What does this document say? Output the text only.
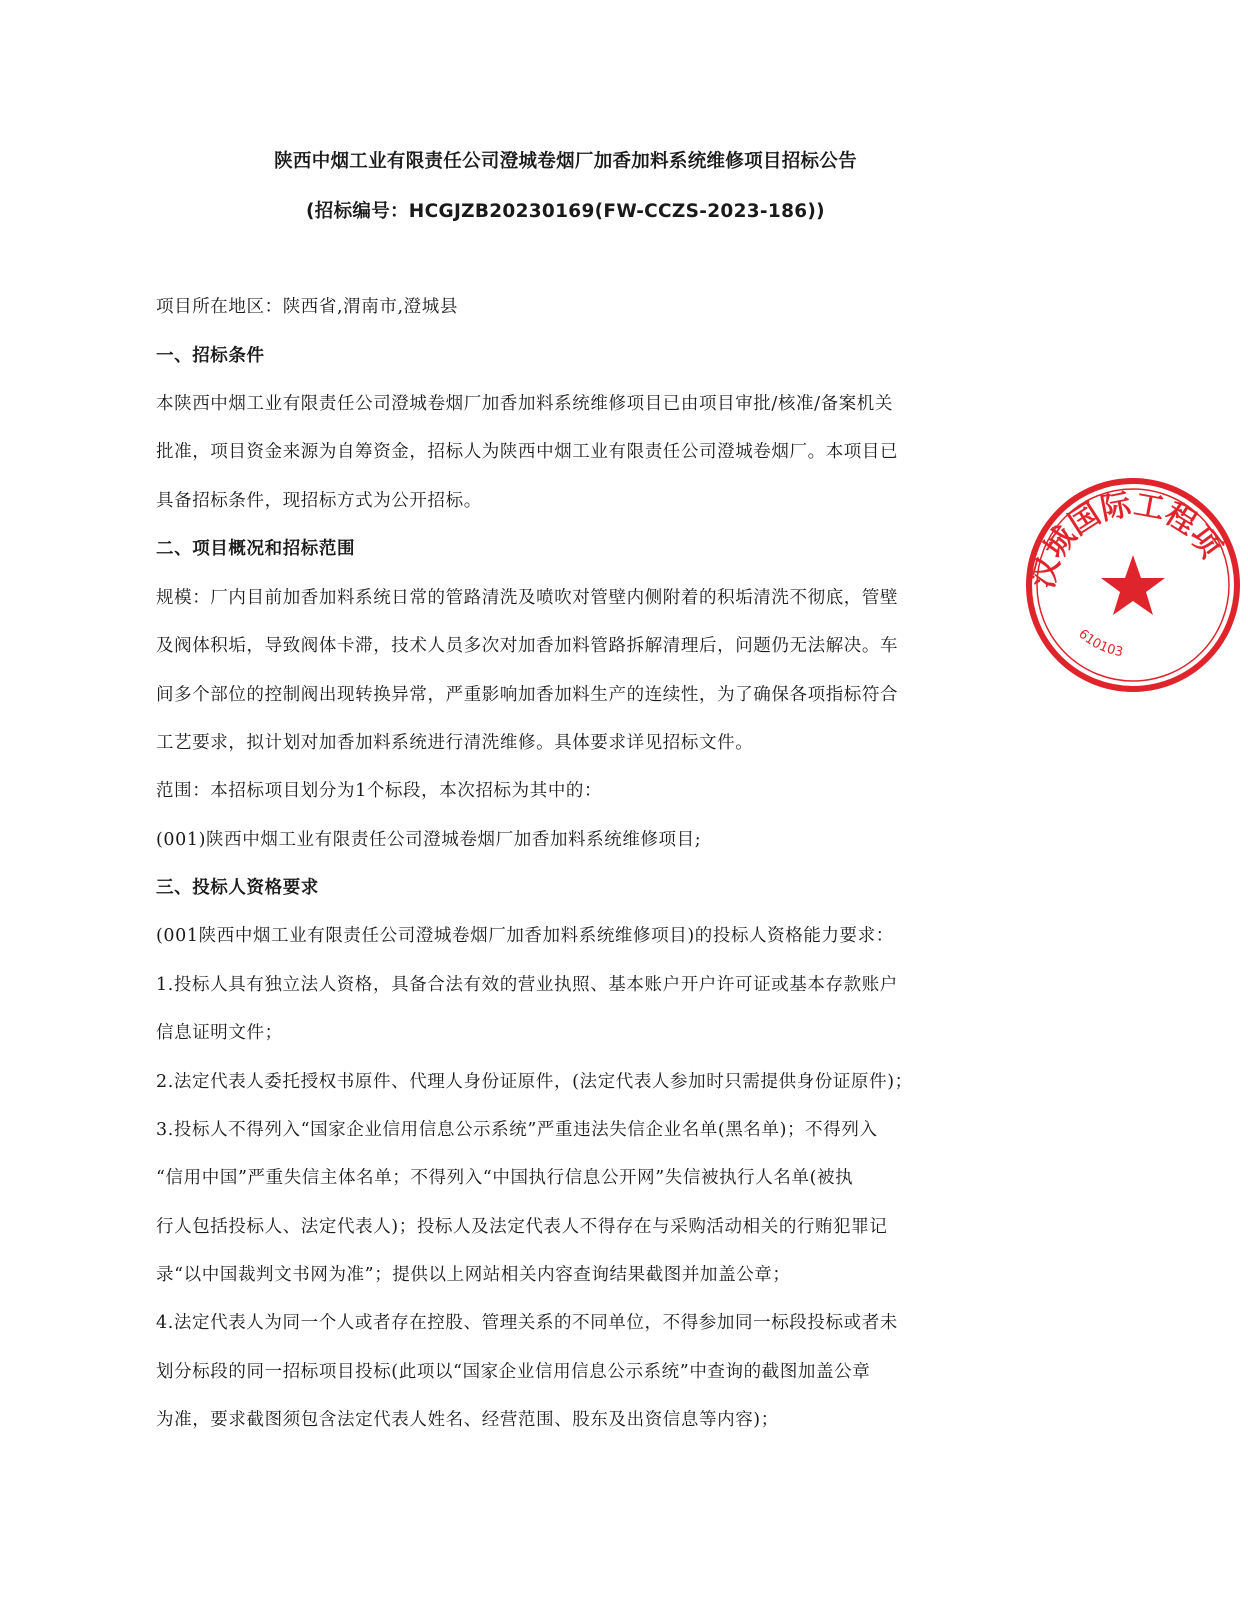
陕西中烟工业有限责任公司澄城卷烟厂加香加料系统维修项目招标公告
(招标编号：HCGJZB20230169(FW-CCZS-2023-186))
项目所在地区：陕西省,渭南市,澄城县
一、招标条件
本陕西中烟工业有限责任公司澄城卷烟厂加香加料系统维修项目已由项目审批/核准/备案机关
批准，项目资金来源为自筹资金，招标人为陕西中烟工业有限责任公司澄城卷烟厂。本项目已
具备招标条件，现招标方式为公开招标。
二、项目概况和招标范围
规模：厂内目前加香加料系统日常的管路清洗及喷吹对管壁内侧附着的积垢清洗不彻底，管壁
及阀体积垢，导致阀体卡滞，技术人员多次对加香加料管路拆解清理后，问题仍无法解决。车
间多个部位的控制阀出现转换异常，严重影响加香加料生产的连续性，为了确保各项指标符合
工艺要求，拟计划对加香加料系统进行清洗维修。具体要求详见招标文件。
范围：本招标项目划分为1个标段，本次招标为其中的：
(001)陕西中烟工业有限责任公司澄城卷烟厂加香加料系统维修项目;
三、投标人资格要求
(001陕西中烟工业有限责任公司澄城卷烟厂加香加料系统维修项目)的投标人资格能力要求：
1.投标人具有独立法人资格，具备合法有效的营业执照、基本账户开户许可证或基本存款账户
信息证明文件；
2.法定代表人委托授权书原件、代理人身份证原件，(法定代表人参加时只需提供身份证原件)；
3.投标人不得列入“国家企业信用信息公示系统”严重违法失信企业名单(黑名单)；不得列入
“信用中国”严重失信主体名单；不得列入“中国执行信息公开网”失信被执行人名单(被执
行人包括投标人、法定代表人)；投标人及法定代表人不得存在与采购活动相关的行贿犯罪记
录“以中国裁判文书网为准”；提供以上网站相关内容查询结果截图并加盖公章；
4.法定代表人为同一个人或者存在控股、管理关系的不同单位，不得参加同一标段投标或者未
划分标段的同一招标项目投标(此项以“国家企业信用信息公示系统”中查询的截图加盖公章
为准，要求截图须包含法定代表人姓名、经营范围、股东及出资信息等内容)；
汉城国际工程项
610103
